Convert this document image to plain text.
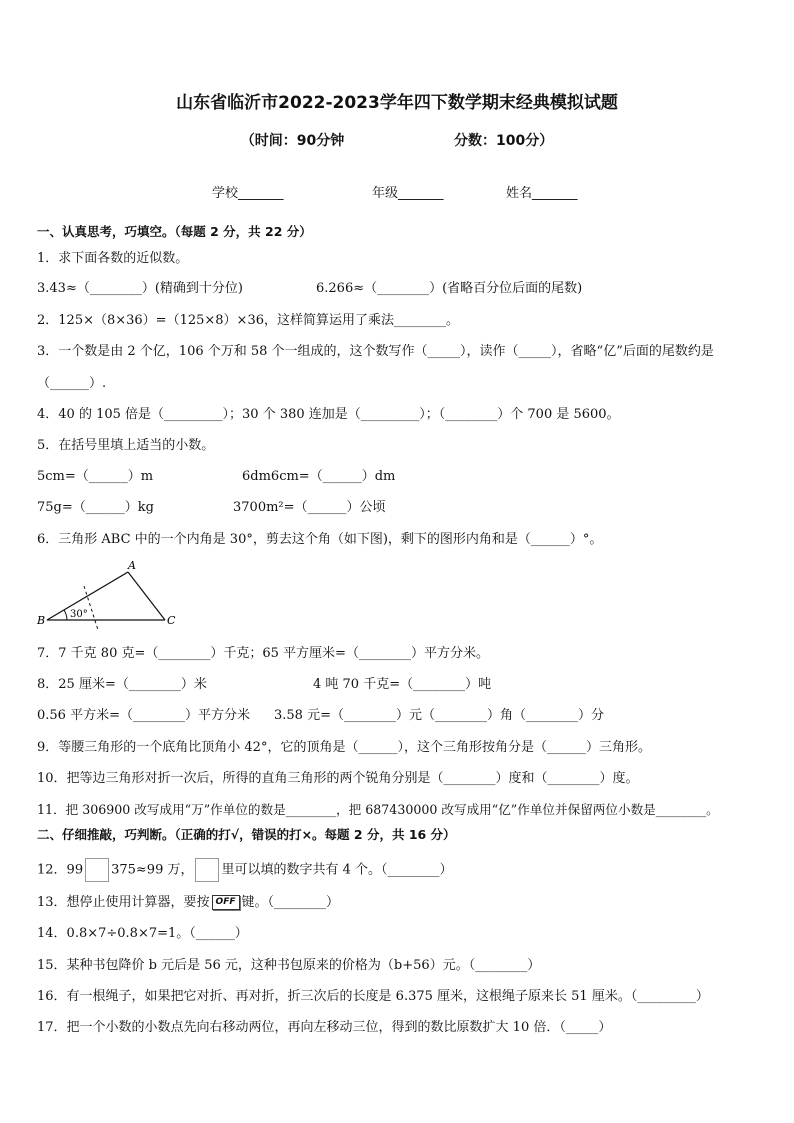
山东省临沂市2022-2023学年四下数学期末经典模拟试题
（时间：90分钟	分数：100分）
学校_______	年级_______	姓名_______
一、认真思考，巧填空。（每题 2 分，共 22 分）
1．求下面各数的近似数。
3.43≈（________）(精确到十分位)	6.266≈（________）(省略百分位后面的尾数)
2．125×（8×36）=（125×8）×36，这样简算运用了乘法________。
3．一个数是由 2 个亿，106 个万和 58 个一组成的，这个数写作（_____），读作（_____），省略“亿”后面的尾数约是
（______）.
4．40 的 105 倍是（_________）；30 个 380 连加是（_________）；（________）个 700 是 5600。
5．在括号里填上适当的小数。
5cm=（______）m	6dm6cm=（______）dm
75g=（______）kg	3700m²=（______）公顷
6．三角形 ABC 中的一个内角是 30°，剪去这个角（如下图)，剩下的图形内角和是（______）°。
A
B	C
30°
7．7 千克 80 克=（________）千克；65 平方厘米=（________）平方分米。
8．25 厘米=（________）米	4 吨 70 千克=（________）吨
0.56 平方米=（________）平方分米 3.58 元=（________）元（________）角（________）分
9．等腰三角形的一个底角比顶角小 42°，它的顶角是（______），这个三角形按角分是（______）三角形。
10．把等边三角形对折一次后，所得的直角三角形的两个锐角分别是（________）度和（________）度。
11．把 306900 改写成用“万”作单位的数是________，把 687430000 改写成用“亿”作单位并保留两位小数是________。
二、仔细推敲，巧判断。（正确的打√，错误的打×。每题 2 分，共 16 分）
12．99 375≈99 万， 里可以填的数字共有 4 个。（________）
13．想停止使用计算器，要按 OFF 键。（________）
14．0.8×7÷0.8×7=1。（______）
15．某种书包降价 b 元后是 56 元，这种书包原来的价格为（b+56）元。（________）
16．有一根绳子，如果把它对折、再对折，折三次后的长度是 6.375 厘米，这根绳子原来长 51 厘米。（_________）
17．把一个小数的小数点先向右移动两位，再向左移动三位，得到的数比原数扩大 10 倍．（_____）
